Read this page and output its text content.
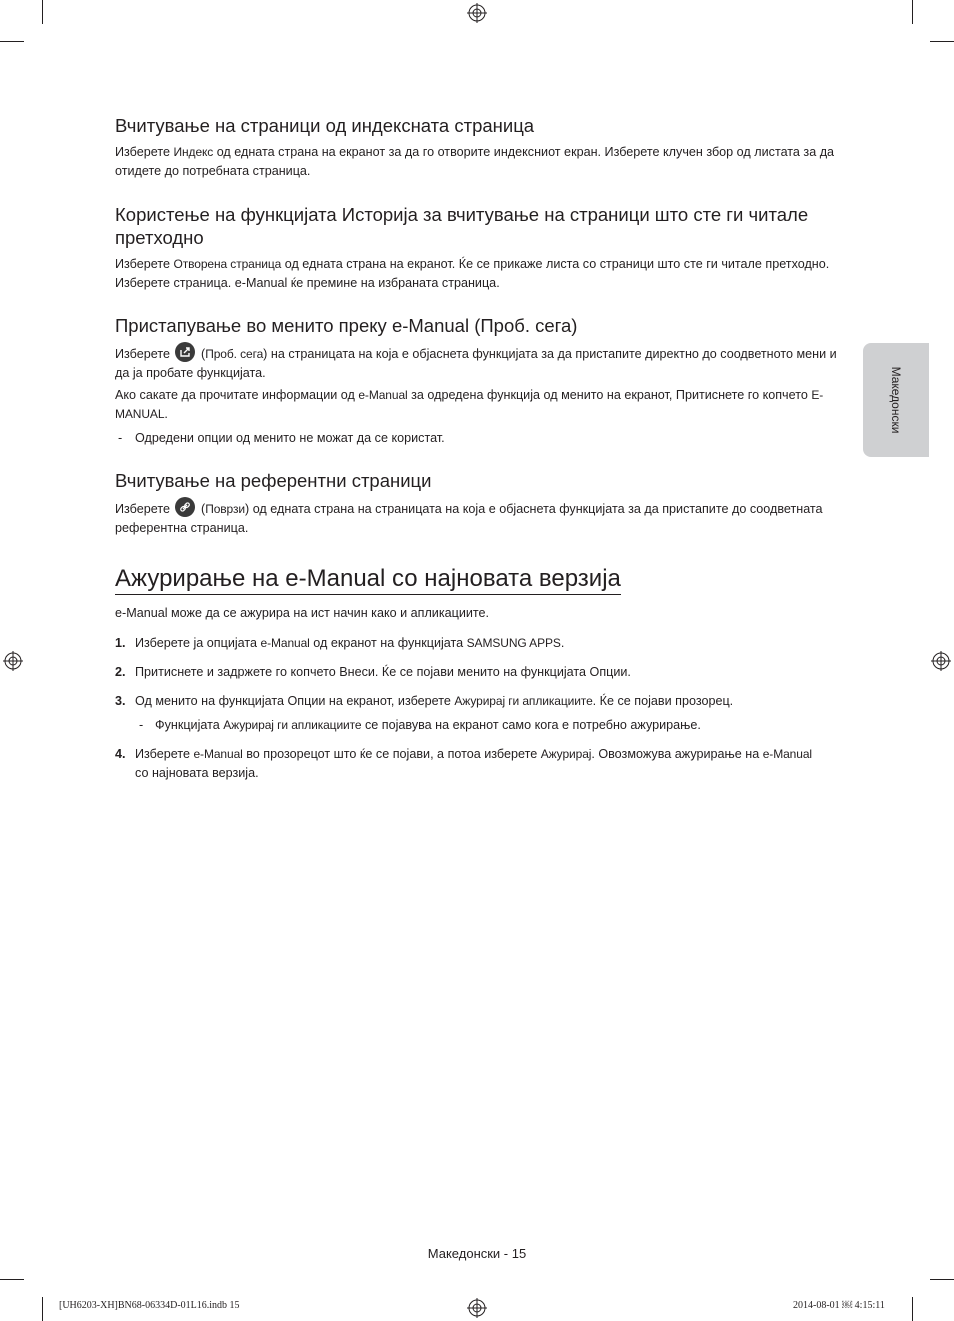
Македонски
Вчитување на страници од индексната страница

Изберете Индекс од едната страна на екранот за да го отворите индексниот екран. Изберете клучен збор од листата за да отидете до потребната страница.

Користење на функцијата Историја за вчитување на страници што сте ги читале претходно

Изберете Отворена страница од едната страна на екранот. Ќе се прикаже листа со страници што сте ги читале претходно. Изберете страница. e-Manual ќе премине на избраната страница.

Пристапување во менито преку e-Manual (Проб. сега)

Изберете
(Проб. сега) на страницата на која е објаснета функцијата за да пристапите директно до соодветното мени и да ја пробате функцијата.

Ако сакате да прочитате информации од e-Manual за одредена функција од менито на екранот, Притиснете го копчето E-MANUAL.

- Одредени опции од менито не можат да се користат.

Вчитување на референтни страници

Изберете
(Поврзи) од едната страна на страницата на која е објаснета функцијата за да пристапите до соодветната референтна страница.

Ажурирање на e-Manual со најновата верзија

e-Manual може да се ажурира на ист начин како и апликациите.

1. Изберете ја опцијата e-Manual од екранот на функцијата SAMSUNG APPS.

2. Притиснете и задржете го копчето Внеси. Ќе се појави менито на функцијата Опции.

3. Од менито на функцијата Опции на екранот, изберете Ажурирај ги апликациите. Ќе се појави прозорец.

- Функцијата Ажурирај ги апликациите се појавува на екранот само кога е потребно ажурирање.

4. Изберете e-Manual во прозорецот што ќе се појави, а потоа изберете Ажурирај. Овозможува ажурирање на e-Manual со најновата верзија.

Македонски - 15
[UH6203-XH]BN68-06334D-01L16.indb 15	2014-08-01 ￼ 4:15:11
